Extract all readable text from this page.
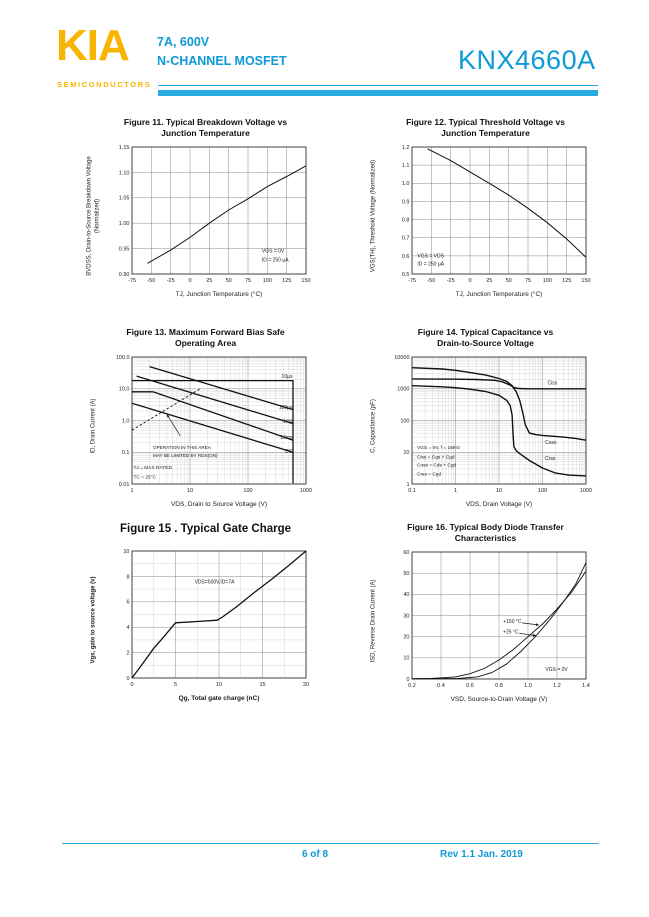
KIA
SEMICONDUCTORS
7A, 600V
N-CHANNEL MOSFET	KNX4660A
Figure 11. Typical Breakdown Voltage vs
Junction Temperature
BVDSS, Drain-to-Source Breakdown Voltage (Normalized)
-75 -50 -25	0	25 50 75 100 125 150
0.90
0.95
1.00
1.05
1.10
1.15
VGS = 0V
ID = 250 µA
TJ, Junction Temperature (°C)
Figure 12. Typical Threshold Voltage vs
Junction Temperature
VGS(TH), Threshold Voltage (Normalized)
-75 -50 -25	0	25 50 75 100 125 150
0.5
0.6
0.7
0.8
0.9
1.0
1.1
1.2
VGS = VDS
ID = 250 µA
TJ, Junction Temperature (°C)
Figure 13. Maximum Forward Bias Safe
Operating Area
ID, Drain Current (A)
1	10	100	1000
100.0
10.0
1.0
0.1
0.01
10µs
100µs
1ms
10ms
DC
OPERATION IN THIS AREA
MAY BE LIMITED BY RDS(ON)
TJ = MAX RATED
TC = 25°C
VDS, Drain to Source Voltage (V)
Figure 14. Typical Capacitance vs
Drain-to-Source Voltage
C, Capacitance (pF)
0.1	1	10	100	1000
1
10
100
1000
10000
Ciss
Coss
Crss
VGS = 0V, f = 1MHz
Ciss = Cgs + Cgd
Coss = Cds + Cgd
Crss = Cgd
VDS, Drain Voltage (V)
Figure 15 . Typical Gate Charge
Vgs, gate to source voltage (v)
0	5	10	15	20
0
2
4
6
8
10
VDS=500V,ID=7A
Qg, Total gate charge (nC)
Figure 16. Typical Body Diode Transfer
Characteristics
ISD, Reverse Drain Current (A)
0.2	0.4	0.6	0.8	1.0	1.2	1.4
0
10
20
30
40
50
60
+150 °C
+25 °C
VGS = 0V
VSD, Source-to-Drain Voltage (V)
6 of 8	Rev 1.1 Jan. 2019
